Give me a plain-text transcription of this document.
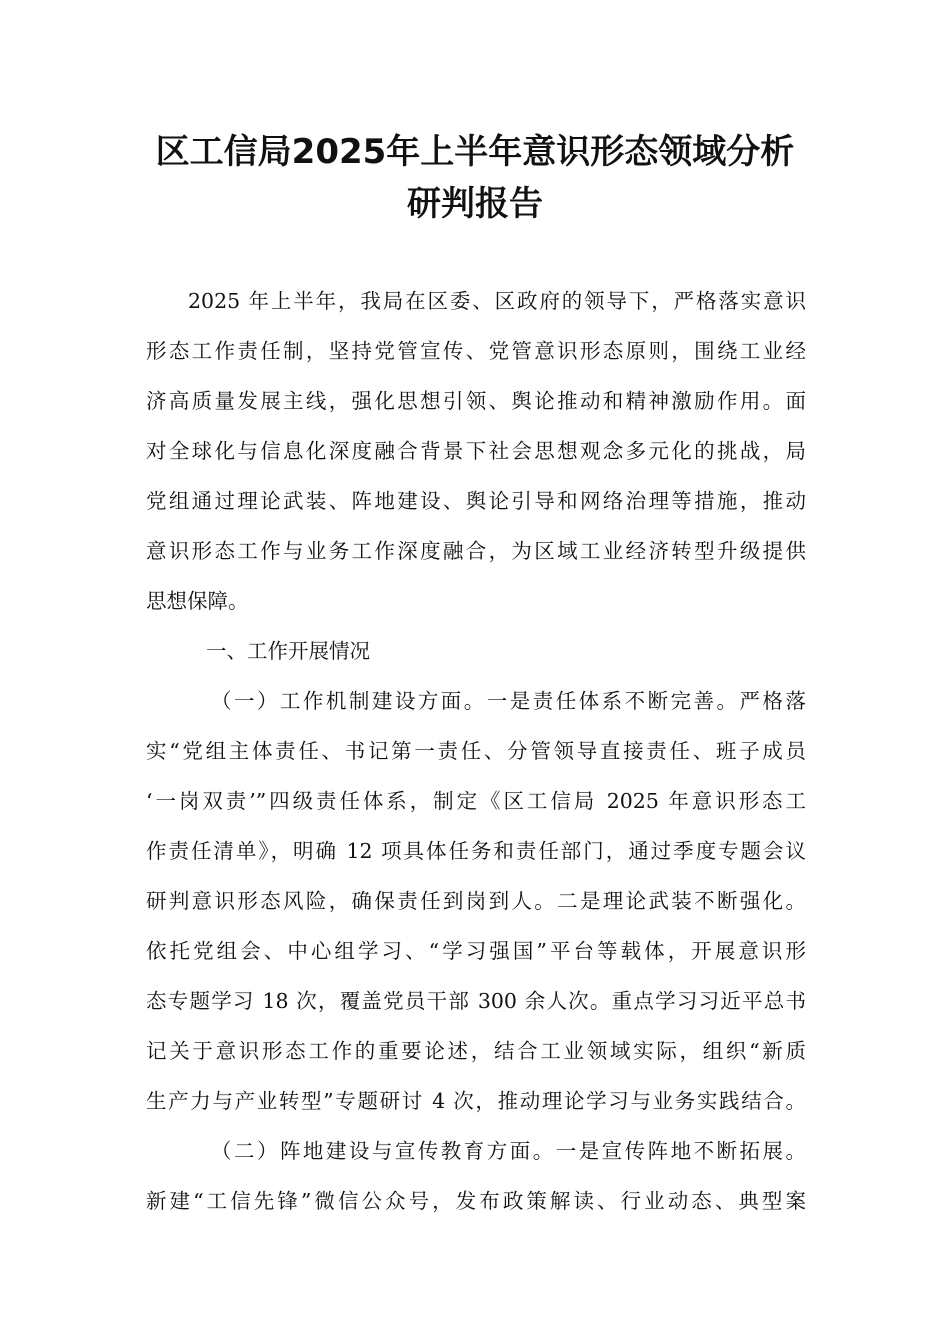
区工信局2025年上半年意识形态领域分析
研判报告
2025 年上半年，我局在区委、区政府的领导下，严格落实意识
形态工作责任制，坚持党管宣传、党管意识形态原则，围绕工业经
济高质量发展主线，强化思想引领、舆论推动和精神激励作用。面
对全球化与信息化深度融合背景下社会思想观念多元化的挑战，局
党组通过理论武装、阵地建设、舆论引导和网络治理等措施，推动
意识形态工作与业务工作深度融合，为区域工业经济转型升级提供
思想保障。
一、工作开展情况
（一）工作机制建设方面。一是责任体系不断完善。严格落
实“党组主体责任、书记第一责任、分管领导直接责任、班子成员
‘一岗双责’”四级责任体系，制定《区工信局 2025 年意识形态工
作责任清单》，明确 12 项具体任务和责任部门，通过季度专题会议
研判意识形态风险，确保责任到岗到人。二是理论武装不断强化。
依托党组会、中心组学习、“学习强国”平台等载体，开展意识形
态专题学习 18 次，覆盖党员干部 300 余人次。重点学习习近平总书
记关于意识形态工作的重要论述，结合工业领域实际，组织“新质
生产力与产业转型”专题研讨 4 次，推动理论学习与业务实践结合。
（二）阵地建设与宣传教育方面。一是宣传阵地不断拓展。
新建“工信先锋”微信公众号，发布政策解读、行业动态、典型案
